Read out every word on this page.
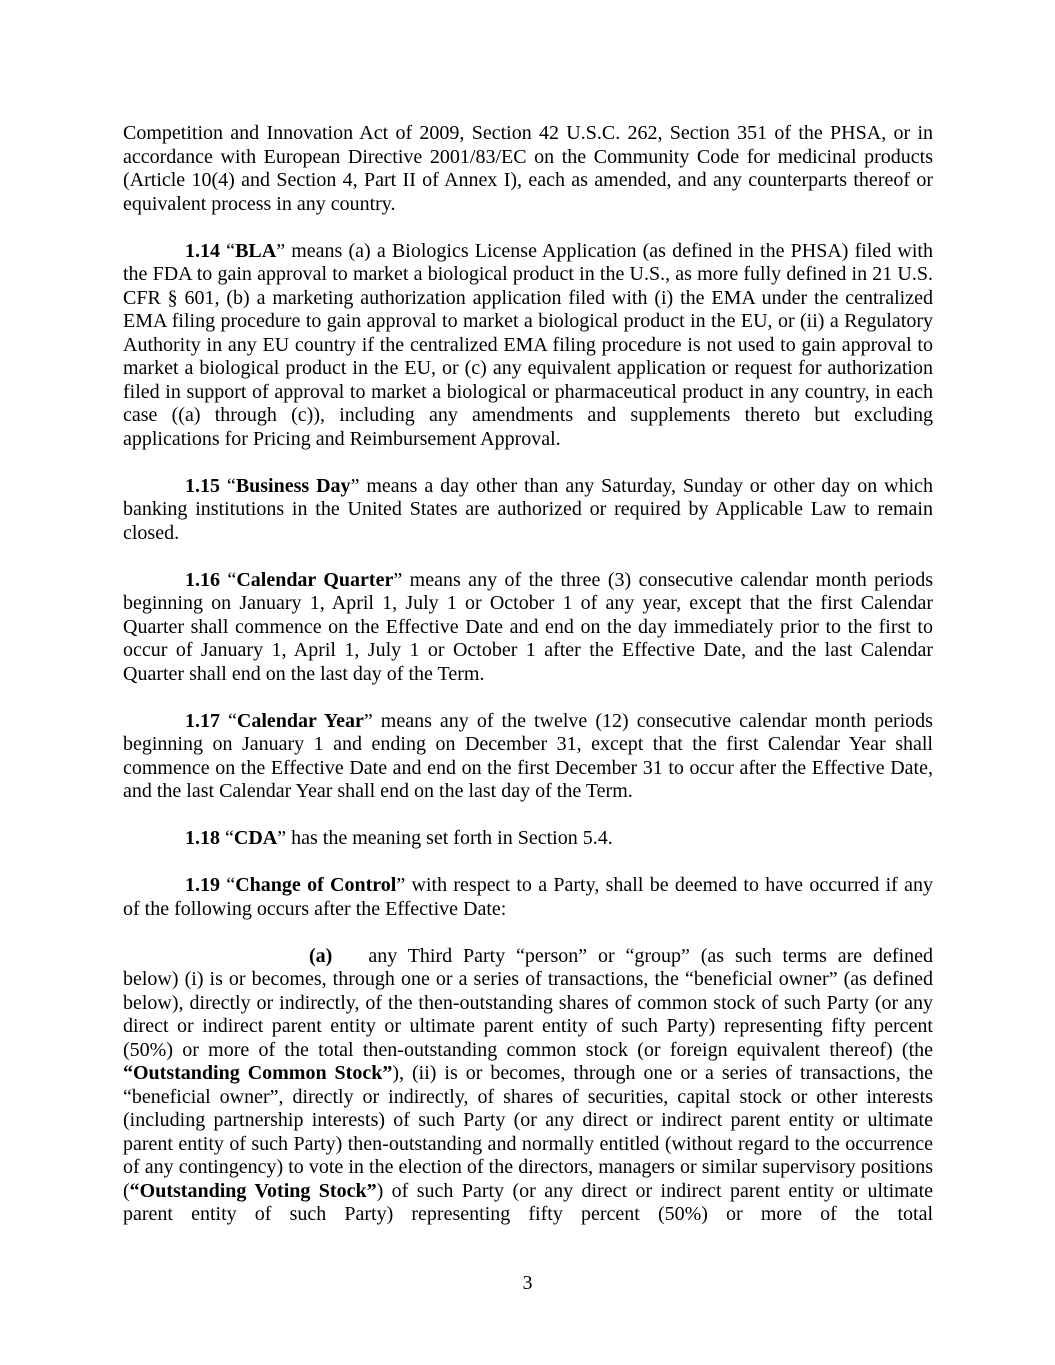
Competition and Innovation Act of 2009, Section 42 U.S.C. 262, Section 351 of the PHSA, or in accordance with European Directive 2001/83/EC on the Community Code for medicinal products (Article 10(4) and Section 4, Part II of Annex I), each as amended, and any counterparts thereof or equivalent process in any country.

1.14 “BLA” means (a) a Biologics License Application (as defined in the PHSA) filed with the FDA to gain approval to market a biological product in the U.S., as more fully defined in 21 U.S. CFR § 601, (b) a marketing authorization application filed with (i) the EMA under the centralized EMA filing procedure to gain approval to market a biological product in the EU, or (ii) a Regulatory Authority in any EU country if the centralized EMA filing procedure is not used to gain approval to market a biological product in the EU, or (c) any equivalent application or request for authorization filed in support of approval to market a biological or pharmaceutical product in any country, in each case ((a) through (c)), including any amendments and supplements thereto but excluding applications for Pricing and Reimbursement Approval.

1.15 “Business Day” means a day other than any Saturday, Sunday or other day on which banking institutions in the United States are authorized or required by Applicable Law to remain closed.

1.16 “Calendar Quarter” means any of the three (3) consecutive calendar month periods beginning on January 1, April 1, July 1 or October 1 of any year, except that the first Calendar Quarter shall commence on the Effective Date and end on the day immediately prior to the first to occur of January 1, April 1, July 1 or October 1 after the Effective Date, and the last Calendar Quarter shall end on the last day of the Term.

1.17 “Calendar Year” means any of the twelve (12) consecutive calendar month periods beginning on January 1 and ending on December 31, except that the first Calendar Year shall commence on the Effective Date and end on the first December 31 to occur after the Effective Date, and the last Calendar Year shall end on the last day of the Term.

1.18 “CDA” has the meaning set forth in Section 5.4.

1.19 “Change of Control” with respect to a Party, shall be deemed to have occurred if any of the following occurs after the Effective Date:

(a) any Third Party “person” or “group” (as such terms are defined below) (i) is or becomes, through one or a series of transactions, the “beneficial owner” (as defined below), directly or indirectly, of the then-outstanding shares of common stock of such Party (or any direct or indirect parent entity or ultimate parent entity of such Party) representing fifty percent (50%) or more of the total then-outstanding common stock (or foreign equivalent thereof) (the “Outstanding Common Stock”), (ii) is or becomes, through one or a series of transactions, the “beneficial owner”, directly or indirectly, of shares of securities, capital stock or other interests (including partnership interests) of such Party (or any direct or indirect parent entity or ultimate parent entity of such Party) then-outstanding and normally entitled (without regard to the occurrence of any contingency) to vote in the election of the directors, managers or similar supervisory positions (“Outstanding Voting Stock”) of such Party (or any direct or indirect parent entity or ultimate parent entity of such Party) representing fifty percent (50%) or more of the total

3
